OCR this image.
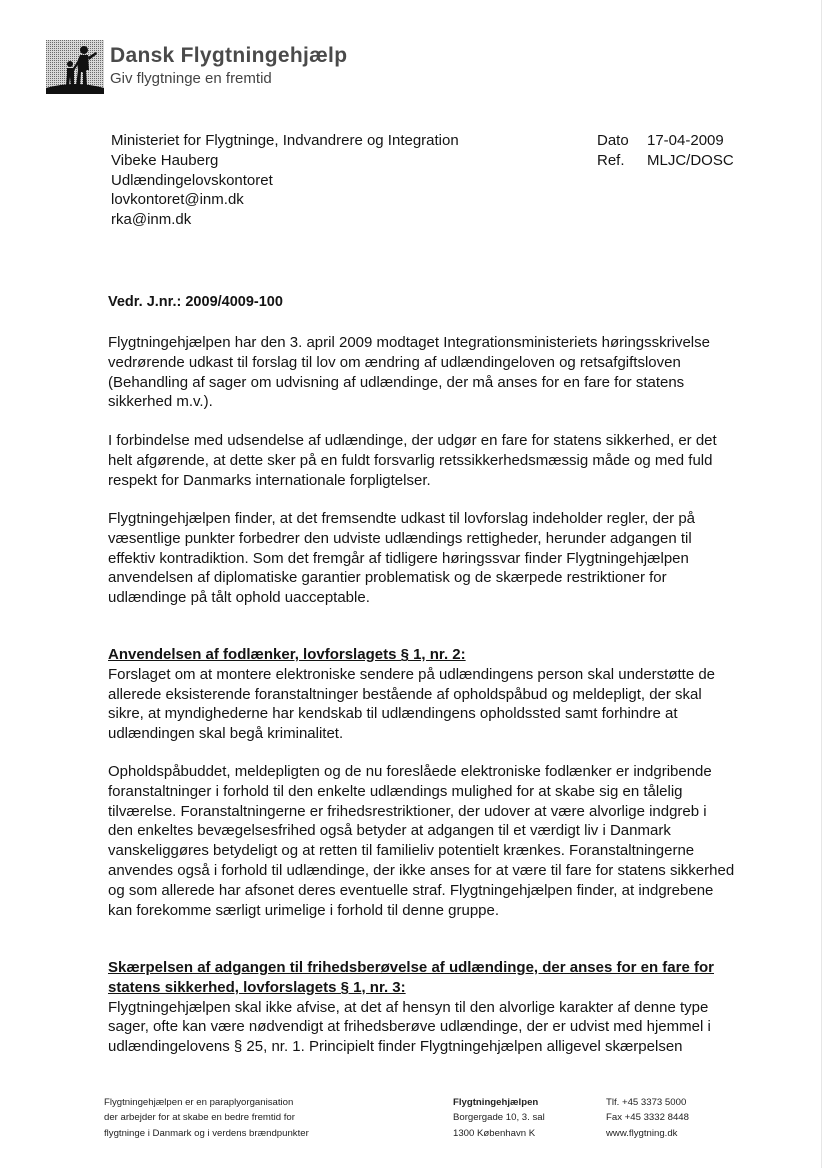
Dansk Flygtningehjælp
Giv flygtninge en fremtid
Ministeriet for Flygtninge, Indvandrere og Integration
Vibeke Hauberg
Udlændingelovskontoret
lovkontoret@inm.dk
rka@inm.dk
Dato	17-04-2009
Ref.	MLJC/DOSC
Vedr. J.nr.: 2009/4009-100
Flygtningehjælpen har den 3. april 2009 modtaget Integrationsministeriets høringsskrivelse
vedrørende udkast til forslag til lov om ændring af udlændingeloven og retsafgiftsloven
(Behandling af sager om udvisning af udlændinge, der må anses for en fare for statens
sikkerhed m.v.).
I forbindelse med udsendelse af udlændinge, der udgør en fare for statens sikkerhed, er det
helt afgørende, at dette sker på en fuldt forsvarlig retssikkerhedsmæssig måde og med fuld
respekt for Danmarks internationale forpligtelser.
Flygtningehjælpen finder, at det fremsendte udkast til lovforslag indeholder regler, der på
væsentlige punkter forbedrer den udviste udlændings rettigheder, herunder adgangen til
effektiv kontradiktion. Som det fremgår af tidligere høringssvar finder Flygtningehjælpen
anvendelsen af diplomatiske garantier problematisk og de skærpede restriktioner for
udlændinge på tålt ophold uacceptable.
Anvendelsen af fodlænker, lovforslagets § 1, nr. 2:
Forslaget om at montere elektroniske sendere på udlændingens person skal understøtte de
allerede eksisterende foranstaltninger bestående af opholdspåbud og meldepligt, der skal
sikre, at myndighederne har kendskab til udlændingens opholdssted samt forhindre at
udlændingen skal begå kriminalitet.
Opholdspåbuddet, meldepligten og de nu foreslåede elektroniske fodlænker er indgribende
foranstaltninger i forhold til den enkelte udlændings mulighed for at skabe sig en tålelig
tilværelse. Foranstaltningerne er frihedsrestriktioner, der udover at være alvorlige indgreb i
den enkeltes bevægelsesfrihed også betyder at adgangen til et værdigt liv i Danmark
vanskeliggøres betydeligt og at retten til familieliv potentielt krænkes. Foranstaltningerne
anvendes også i forhold til udlændinge, der ikke anses for at være til fare for statens sikkerhed
og som allerede har afsonet deres eventuelle straf. Flygtningehjælpen finder, at indgrebene
kan forekomme særligt urimelige i forhold til denne gruppe.
Skærpelsen af adgangen til frihedsberøvelse af udlændinge, der anses for en fare for
statens sikkerhed, lovforslagets § 1, nr. 3:
Flygtningehjælpen skal ikke afvise, at det af hensyn til den alvorlige karakter af denne type
sager, ofte kan være nødvendigt at frihedsberøve udlændinge, der er udvist med hjemmel i
udlændingelovens § 25, nr. 1. Principielt finder Flygtningehjælpen alligevel skærpelsen
Flygtningehjælpen er en paraplyorganisation
der arbejder for at skabe en bedre fremtid for
flygtninge i Danmark og i verdens brændpunkter
Flygtningehjælpen
Borgergade 10, 3. sal
1300 København K
Tlf. +45 3373 5000
Fax +45 3332 8448
www.flygtning.dk
